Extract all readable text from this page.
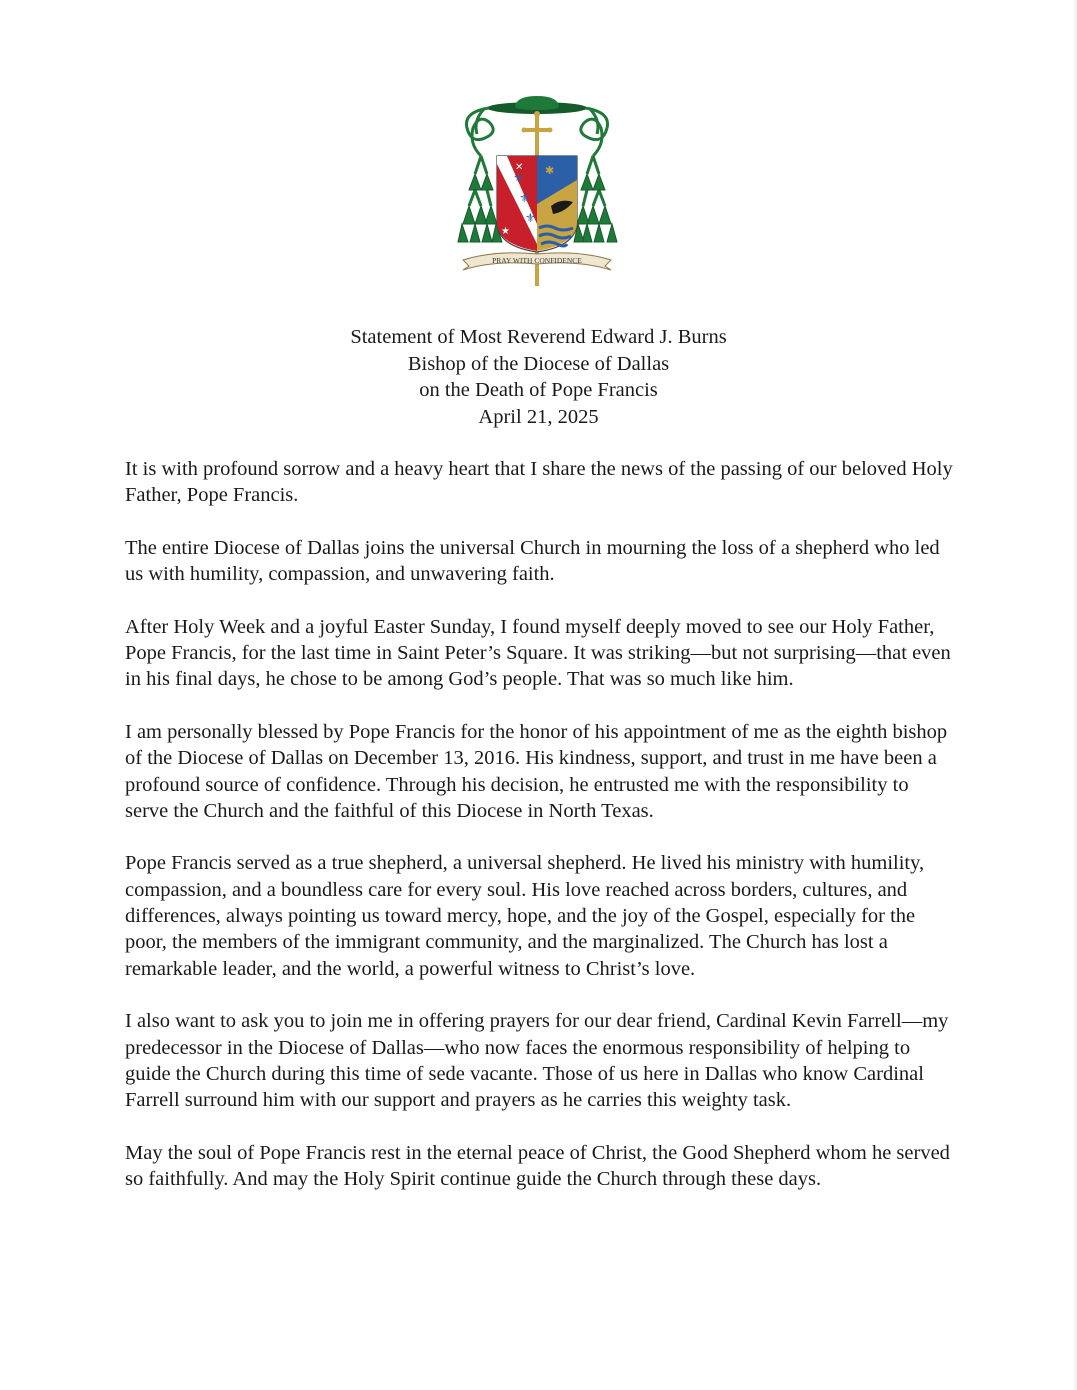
⚜
⚜
⚜
★
✕ ✱
PRAY WITH CONFIDENCE
Statement of Most Reverend Edward J. Burns
Bishop of the Diocese of Dallas
on the Death of Pope Francis
April 21, 2025

It is with profound sorrow and a heavy heart that I share the news of the passing of our beloved Holy Father, Pope Francis.

The entire Diocese of Dallas joins the universal Church in mourning the loss of a shepherd who led us with humility, compassion, and unwavering faith.

After Holy Week and a joyful Easter Sunday, I found myself deeply moved to see our Holy Father, Pope Francis, for the last time in Saint Peter’s Square. It was striking—but not surprising—that even in his final days, he chose to be among God’s people. That was so much like him.

I am personally blessed by Pope Francis for the honor of his appointment of me as the eighth bishop of the Diocese of Dallas on December 13, 2016. His kindness, support, and trust in me have been a profound source of confidence. Through his decision, he entrusted me with the responsibility to serve the Church and the faithful of this Diocese in North Texas.

Pope Francis served as a true shepherd, a universal shepherd. He lived his ministry with humility, compassion, and a boundless care for every soul. His love reached across borders, cultures, and differences, always pointing us toward mercy, hope, and the joy of the Gospel, especially for the poor, the members of the immigrant community, and the marginalized. The Church has lost a remarkable leader, and the world, a powerful witness to Christ’s love.

I also want to ask you to join me in offering prayers for our dear friend, Cardinal Kevin Farrell—my predecessor in the Diocese of Dallas—who now faces the enormous responsibility of helping to guide the Church during this time of sede vacante. Those of us here in Dallas who know Cardinal Farrell surround him with our support and prayers as he carries this weighty task.

May the soul of Pope Francis rest in the eternal peace of Christ, the Good Shepherd whom he served so faithfully. And may the Holy Spirit continue guide the Church through these days.
